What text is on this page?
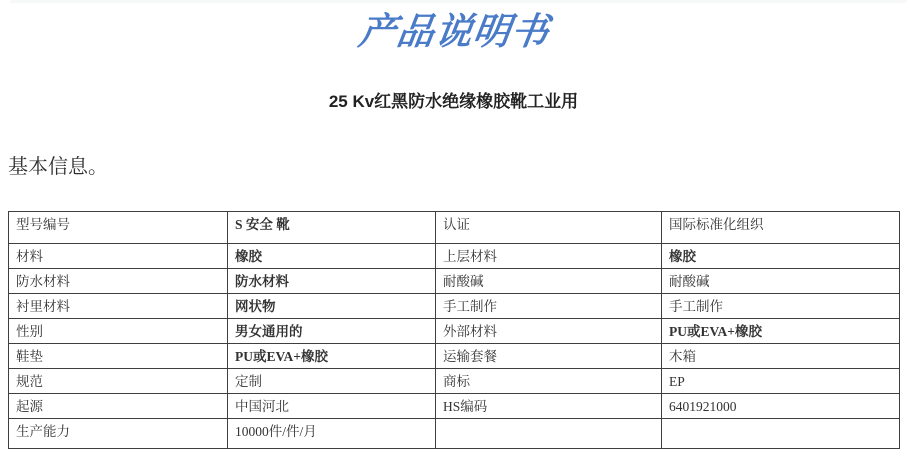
产品说明书
25 Kv红黑防水绝缘橡胶靴工业用
基本信息。
型号编号	S 安全 靴	认证	国际标准化组织
材料	橡胶	上层材料	橡胶
防水材料	防水材料	耐酸碱	耐酸碱
衬里材料	网状物	手工制作	手工制作
性别	男女通用的	外部材料	PU或EVA+橡胶
鞋垫	PU或EVA+橡胶	运输套餐	木箱
规范	定制	商标	EP
起源	中国河北	HS编码	6401921000
生产能力	10000件/件/月		
